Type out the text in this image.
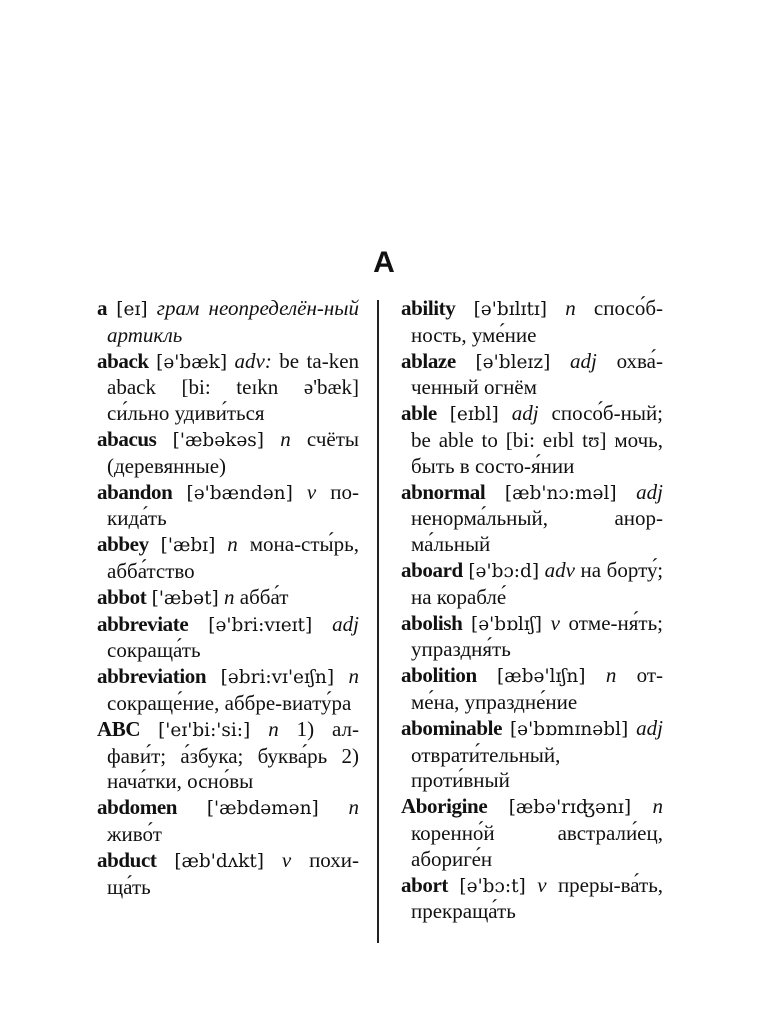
A

a [eɪ] грам неопределён-ный артикль

aback [ə'bæk] adv: be ta-ken aback [bi: teɪkn ə'bæk] си́льно удиви́ться

abacus ['æbəkəs] n счёты (деревянные)

abandon [ə'bændən] v по-кида́ть

abbey ['æbɪ] n мона-сты́рь, абба́тство

abbot ['æbət] n абба́т

abbreviate [ə'bri:vɪeɪt] adj сокраща́ть

abbreviation [əbri:vɪ'eɪʃn] n сокраще́ние, аббре-виату́ра

ABC ['eɪ'bi:'si:] n 1) ал-фави́т; а́збука; буква́рь 2) нача́тки, осно́вы

abdomen ['æbdəmən] n живо́т

abduct [æb'dʌkt] v похи-ща́ть

ability [ə'bɪlɪtɪ] n спосо́б-ность, уме́ние

ablaze [ə'bleɪz] adj охва́-ченный огнём

able [eɪbl] adj спосо́б-ный; be able to [bi: eɪbl tʊ] мочь, быть в состо-я́нии

abnormal [æb'nɔ:məl] adj ненорма́льный, анор-ма́льный

aboard [ə'bɔ:d] adv на борту́; на корабле́

abolish [ə'bɒlɪʃ] v отме-ня́ть; упраздня́ть

abolition [æbə'lɪʃn] n от-ме́на, упраздне́ние

abominable [ə'bɒmɪnəbl] adj отврати́тельный, проти́вный

Aborigine [æbə'rɪʤənɪ] n коренно́й австрали́ец, абориге́н

abort [ə'bɔ:t] v преры-ва́ть, прекраща́ть
